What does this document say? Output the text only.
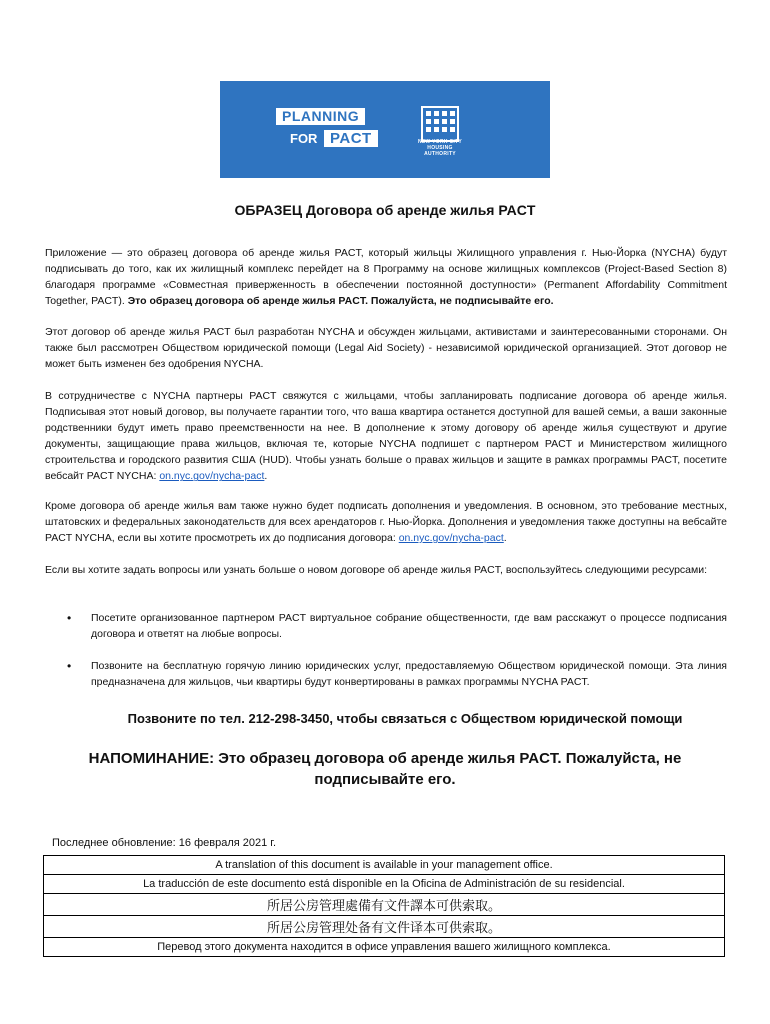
PLANNING
FOR PACT	NEW YORK CITY
HOUSING
AUTHORITY
ОБРАЗЕЦ Договора об аренде жилья PACT

Приложение — это образец договора об аренде жилья PACT, который жильцы Жилищного управления г. Нью-Йорка (NYCHA) будут подписывать до того, как их жилищный комплекс перейдет на 8 Программу на основе жилищных комплексов (Project-Based Section 8) благодаря программе «Совместная приверженность в обеспечении постоянной доступности» (Permanent Affordability Commitment Together, PACT). Это образец договора об аренде жилья PACT. Пожалуйста, не подписывайте его.

Этот договор об аренде жилья PACT был разработан NYCHA и обсужден жильцами, активистами и заинтересованными сторонами. Он также был рассмотрен Обществом юридической помощи (Legal Aid Society) - независимой юридической организацией. Этот договор не может быть изменен без одобрения NYCHA.

В сотрудничестве с NYCHA партнеры PACT свяжутся с жильцами, чтобы запланировать подписание договора об аренде жилья. Подписывая этот новый договор, вы получаете гарантии того, что ваша квартира останется доступной для вашей семьи, а ваши законные родственники будут иметь право преемственности на нее. В дополнение к этому договору об аренде жилья существуют и другие документы, защищающие права жильцов, включая те, которые NYCHA подпишет с партнером PACT и Министерством жилищного строительства и городского развития США (HUD). Чтобы узнать больше о правах жильцов и защите в рамках программы PACT, посетите вебсайт PACT NYCHA: on.nyc.gov/nycha-pact.

Кроме договора об аренде жилья вам также нужно будет подписать дополнения и уведомления. В основном, это требование местных, штатовских и федеральных законодательств для всех арендаторов г. Нью-Йорка. Дополнения и уведомления также доступны на вебсайте PACT NYCHA, если вы хотите просмотреть их до подписания договора: on.nyc.gov/nycha-pact.

Если вы хотите задать вопросы или узнать больше о новом договоре об аренде жилья PACT, воспользуйтесь следующими ресурсами:

• Посетите организованное партнером PACT виртуальное собрание общественности, где вам расскажут о процессе подписания договора и ответят на любые вопросы.
• Позвоните на бесплатную горячую линию юридических услуг, предоставляемую Обществом юридической помощи. Эта линия предназначена для жильцов, чьи квартиры будут конвертированы в рамках программы NYCHA PACT.
Позвоните по тел. 212-298-3450, чтобы связаться с Обществом юридической помощи

НАПОМИНАНИЕ: Это образец договора об аренде жилья PACT. Пожалуйста, не подписывайте его.

Последнее обновление: 16 февраля 2021 г.
A translation of this document is available in your management office.
La traducción de este documento está disponible en la Oficina de Administración de su residencial.
所居公房管理處備有文件譯本可供索取。
所居公房管理处备有文件译本可供索取。
Перевод этого документа находится в офисе управления вашего жилищного комплекса.
